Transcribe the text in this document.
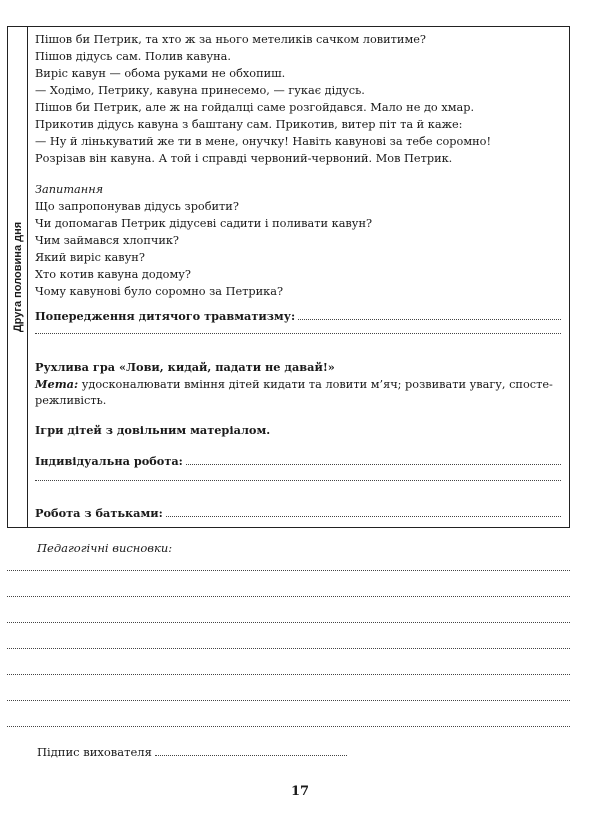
Друга половина дня
Пішов би Петрик, та хто ж за нього метеликів сачком ловитиме?
Пішов дідусь сам. Полив кавуна.
Виріс кавун — обома руками не обхопиш.
— Ходімо, Петрику, кавуна принесемо, — гукає дідусь.
Пішов би Петрик, але ж на гойдалці саме розгойдався. Мало не до хмар.
Прикотив дідусь кавуна з баштану сам. Прикотив, витер піт та й каже:
— Ну й лінькуватий же ти в мене, онучку! Навіть кавунові за тебе соромно!
Розрізав він кавуна. А той і справді червоний-червоний. Мов Петрик.
Запитання
Що запропонував дідусь зробити?
Чи допомагав Петрик дідусеві садити і поливати кавун?
Чим займався хлопчик?
Який виріс кавун?
Хто котив кавуна додому?
Чому кавунові було соромно за Петрика?
Попередження дитячого травматизму:
Рухлива гра «Лови, кидай, падати не давай!»
Мета: удосконалювати вміння дітей кидати та ловити м’яч; розвивати увагу, спосте-
режливість.
Ігри дітей з довільним матеріалом.
Індивідуальна робота:
Робота з батьками:
Педагогічні висновки:
Підпис вихователя
17
